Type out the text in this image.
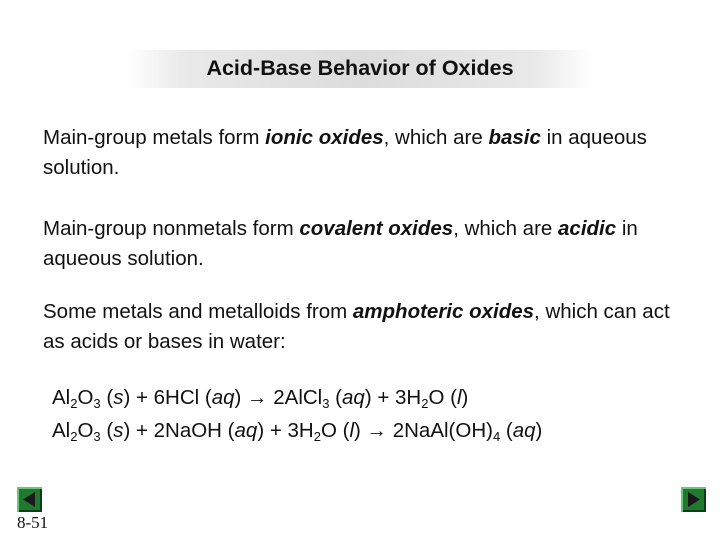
Acid-Base Behavior of Oxides
Main-group metals form ionic oxides, which are basic in aqueous solution.
Main-group nonmetals form covalent oxides, which are acidic in aqueous solution.
Some metals and metalloids from amphoteric oxides, which can act as acids or bases in water:
$Al_2O_3$ (s) + 6HCl (aq) → 2AlCl$_3$ $(aq) + 3H_2O$ (l)
$Al_2O_3$ (s) + 2NaOH $(aq) + 3H_2O$ $(l) \to 2NaAl(OH)_4$ (aq)
8-51
